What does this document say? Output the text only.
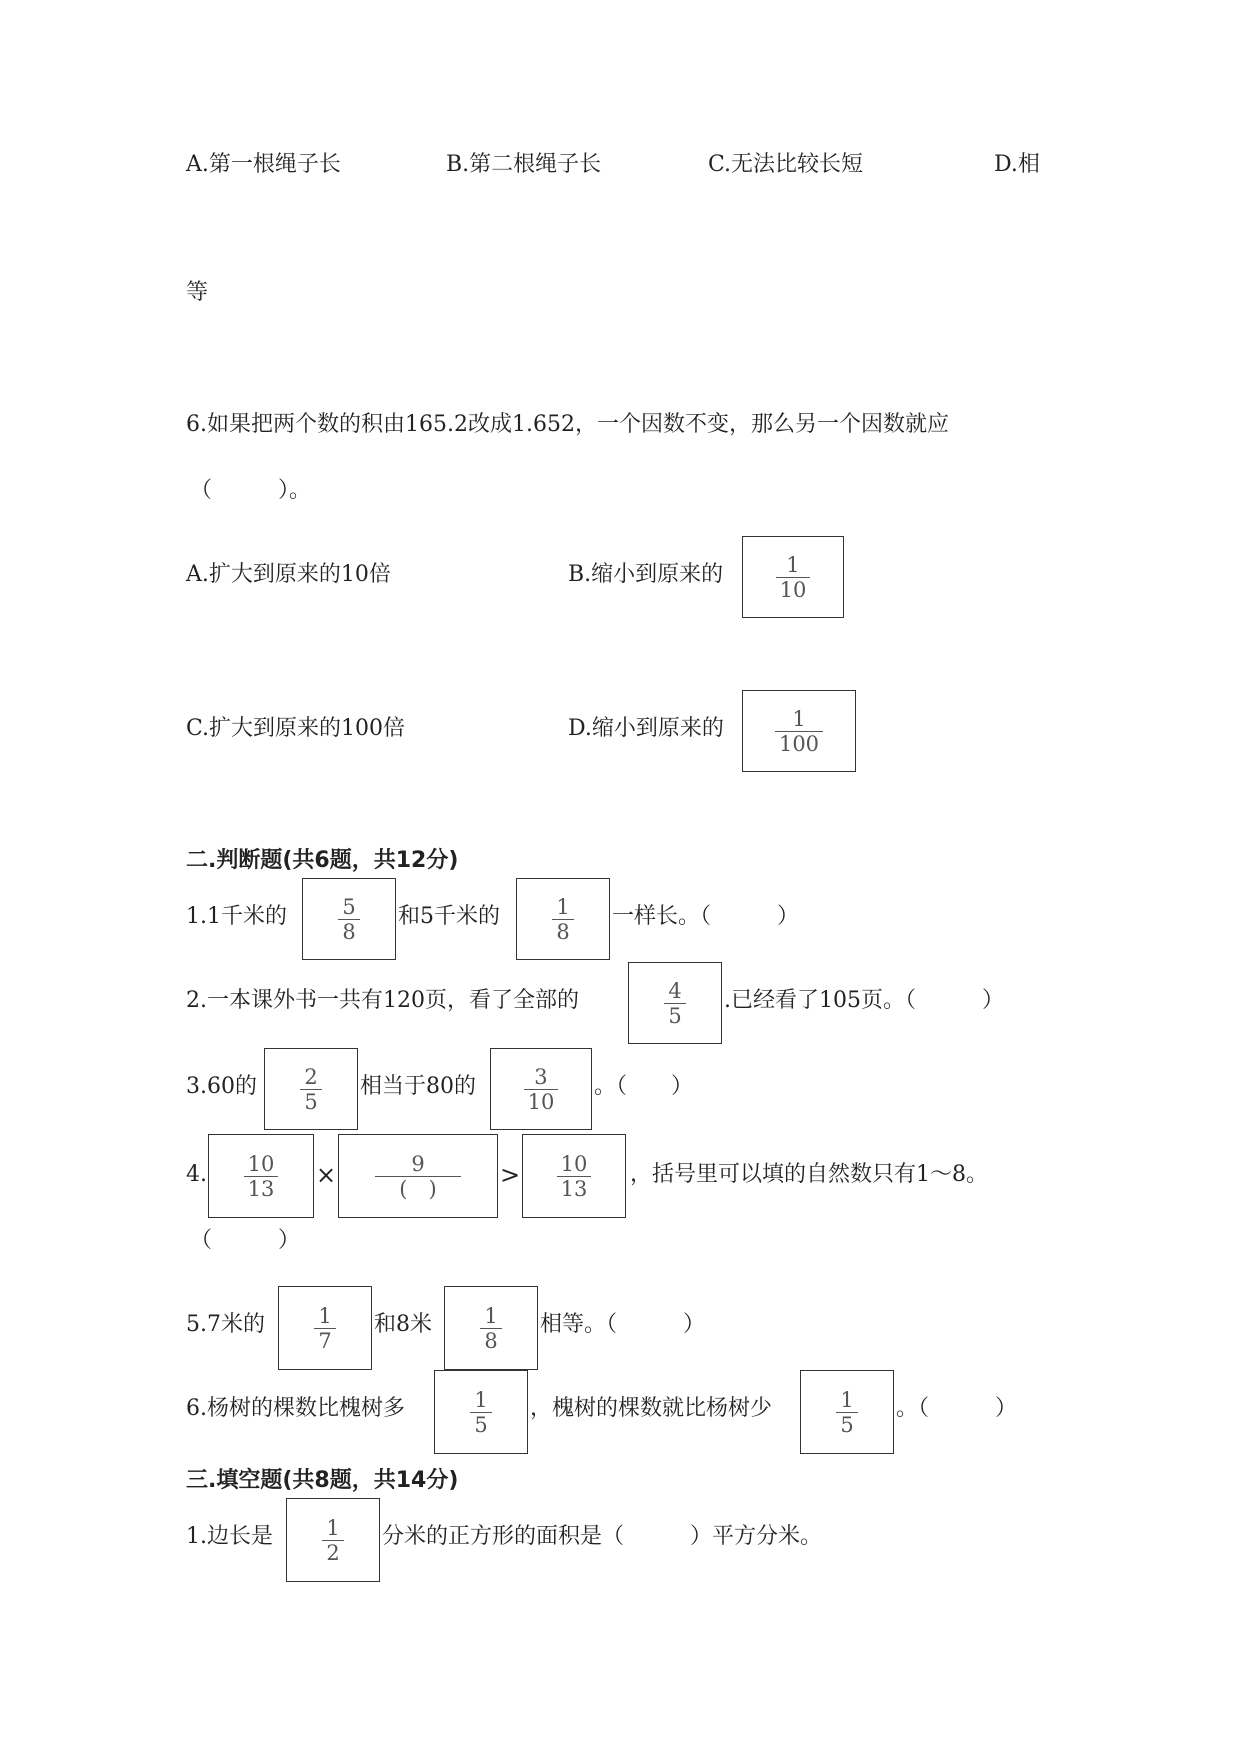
A.第一根绳子长	B.第二根绳子长	C.无法比较长短	D.相
等
6.如果把两个数的积由165.2改成1.652，一个因数不变，那么另一个因数就应
（　　　）。
A.扩大到原来的10倍	B.缩小到原来的 $\frac{1}{10}$
C.扩大到原来的100倍	D.缩小到原来的 $\frac{1}{100}$
二.判断题(共6题，共12分)
1.1千米的 $\frac{5}{8}$ 和5千米的 $\frac{1}{8}$ 一样长。（　　　）
2.一本课外书一共有120页，看了全部的	$\frac{4}{5}$ .已经看了105页。（　　　）
3.60的 $\frac{2}{5}$ 相当于80的 $\frac{3}{10}$ 。（　　）
4. $\frac{10}{13} \times \frac{9}{( )} > \frac{10}{13}$ ，括号里可以填的自然数只有1～8。
（　　　）
5.7米的 $\frac{1}{7}$ 和8米 $\frac{1}{8}$ 相等。（　　　）
6.杨树的棵数比槐树多	$\frac{1}{5}$ ，槐树的棵数就比杨树少	$\frac{1}{5}$ 。（　　　）
三.填空题(共8题，共14分)
1.边长是 $\frac{1}{2}$ 分米的正方形的面积是（　　　）平方分米。
